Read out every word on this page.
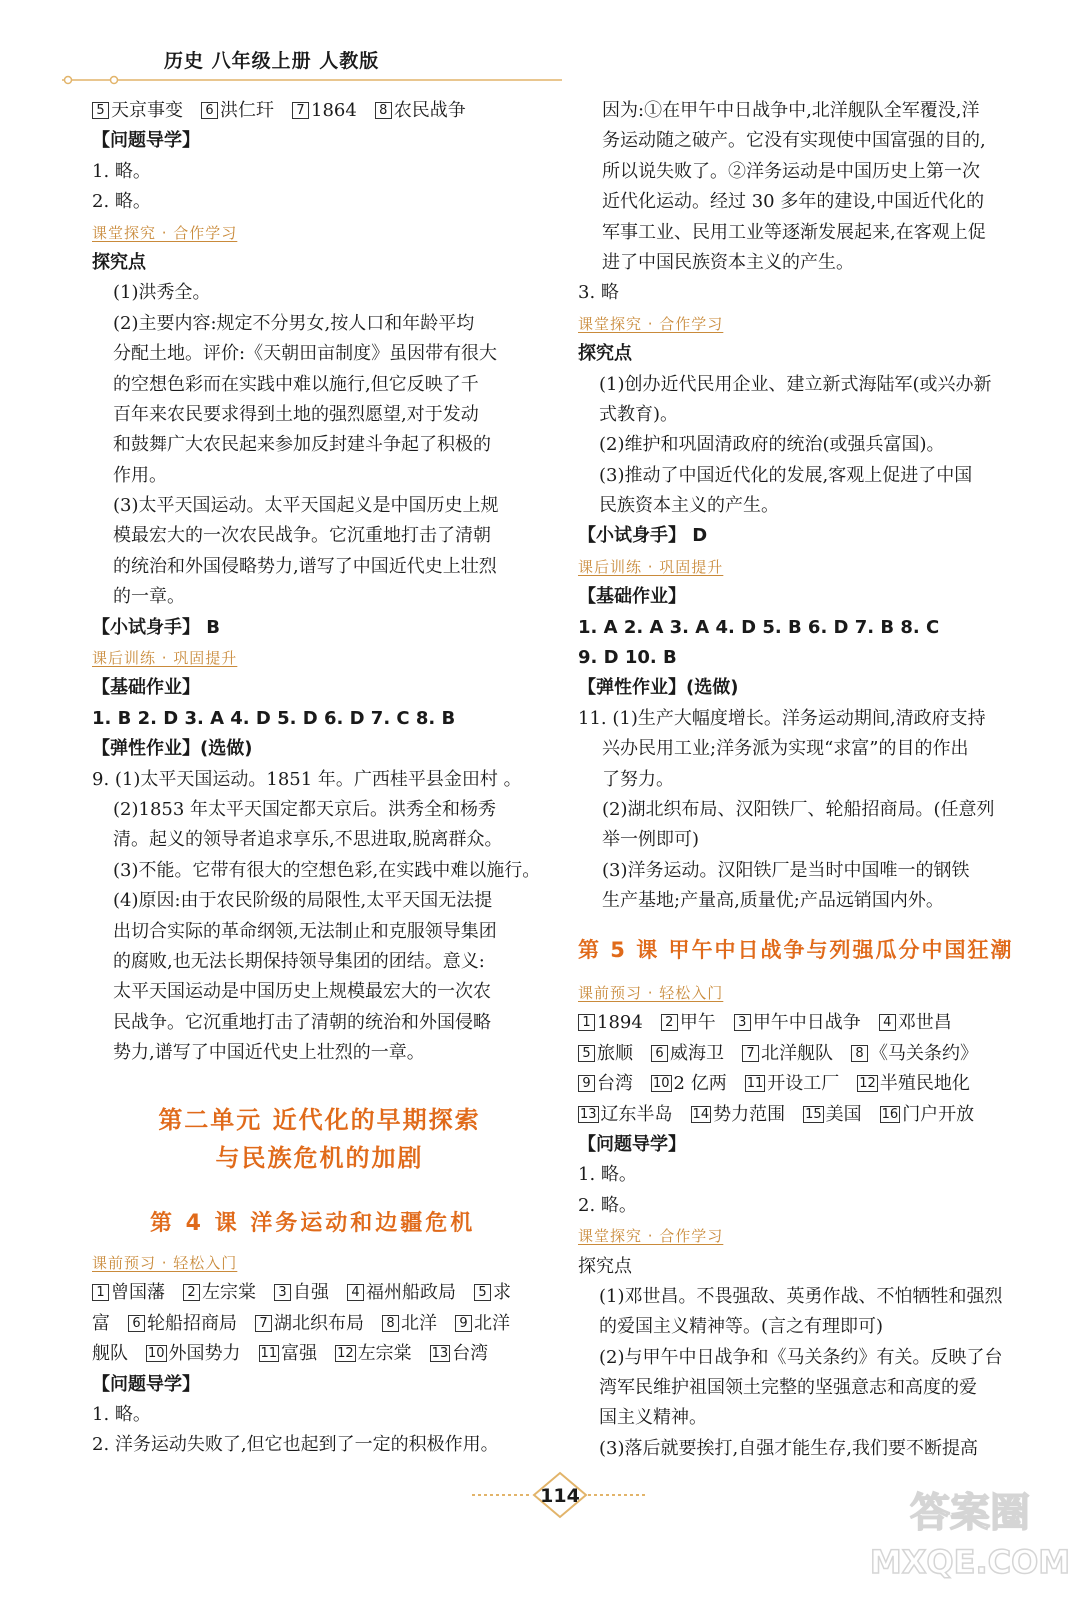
历史 八年级上册 人教版
5 天京事变 6 洪仁玕 7 1864 8 农民战争
【问题导学】
1. 略。
2. 略。
课堂探究 · 合作学习
探究点
(1)洪秀全。
(2)主要内容:规定不分男女,按人口和年龄平均
分配土地。评价:《天朝田亩制度》虽因带有很大
的空想色彩而在实践中难以施行,但它反映了千
百年来农民要求得到土地的强烈愿望,对于发动
和鼓舞广大农民起来参加反封建斗争起了积极的
作用。
(3)太平天国运动。太平天国起义是中国历史上规
模最宏大的一次农民战争。它沉重地打击了清朝
的统治和外国侵略势力,谱写了中国近代史上壮烈
的一章。
【小试身手】 B
课后训练 · 巩固提升
【基础作业】
1. B 2. D 3. A 4. D 5. D 6. D 7. C 8. B
【弹性作业】(选做)
9. (1)太平天国运动。1851 年。广西桂平县金田村 。
(2)1853 年太平天国定都天京后。洪秀全和杨秀
清。起义的领导者追求享乐,不思进取,脱离群众。
(3)不能。它带有很大的空想色彩,在实践中难以施行。
(4)原因:由于农民阶级的局限性,太平天国无法提
出切合实际的革命纲领,无法制止和克服领导集团
的腐败,也无法长期保持领导集团的团结。意义:
太平天国运动是中国历史上规模最宏大的一次农
民战争。它沉重地打击了清朝的统治和外国侵略
势力,谱写了中国近代史上壮烈的一章。
第二单元 近代化的早期探索
与民族危机的加剧
第 4 课 洋务运动和边疆危机
课前预习 · 轻松入门
1 曾国藩 2 左宗棠 3 自强 4 福州船政局 5 求
富 6 轮船招商局 7 湖北织布局 8 北洋 9 北洋
舰队 10 外国势力 11 富强 12 左宗棠 13 台湾
【问题导学】
1. 略。
2. 洋务运动失败了,但它也起到了一定的积极作用。
因为:①在甲午中日战争中,北洋舰队全军覆没,洋
务运动随之破产。它没有实现使中国富强的目的,
所以说失败了。②洋务运动是中国历史上第一次
近代化运动。经过 30 多年的建设,中国近代化的
军事工业、民用工业等逐渐发展起来,在客观上促
进了中国民族资本主义的产生。
3. 略
课堂探究 · 合作学习
探究点
(1)创办近代民用企业、建立新式海陆军(或兴办新
式教育)。
(2)维护和巩固清政府的统治(或强兵富国)。
(3)推动了中国近代化的发展,客观上促进了中国
民族资本主义的产生。
【小试身手】 D
课后训练 · 巩固提升
【基础作业】
1. A 2. A 3. A 4. D 5. B 6. D 7. B 8. C
9. D 10. B
【弹性作业】(选做)
11. (1)生产大幅度增长。洋务运动期间,清政府支持
兴办民用工业;洋务派为实现“求富”的目的作出
了努力。
(2)湖北织布局、汉阳铁厂、轮船招商局。(任意列
举一例即可)
(3)洋务运动。汉阳铁厂是当时中国唯一的钢铁
生产基地;产量高,质量优;产品远销国内外。
第 5 课 甲午中日战争与列强瓜分中国狂潮
课前预习 · 轻松入门
1 1894 2 甲午 3 甲午中日战争 4 邓世昌
5 旅顺 6 威海卫 7 北洋舰队 8 《马关条约》
9 台湾 10 2 亿两 11 开设工厂 12 半殖民地化
13 辽东半岛 14 势力范围 15 美国 16 门户开放
【问题导学】
1. 略。
2. 略。
课堂探究 · 合作学习
探究点
(1)邓世昌。不畏强敌、英勇作战、不怕牺牲和强烈
的爱国主义精神等。(言之有理即可)
(2)与甲午中日战争和《马关条约》有关。反映了台
湾军民维护祖国领土完整的坚强意志和高度的爱
国主义精神。
(3)落后就要挨打,自强才能生存,我们要不断提高
114	答案圈
MXQE.COM
